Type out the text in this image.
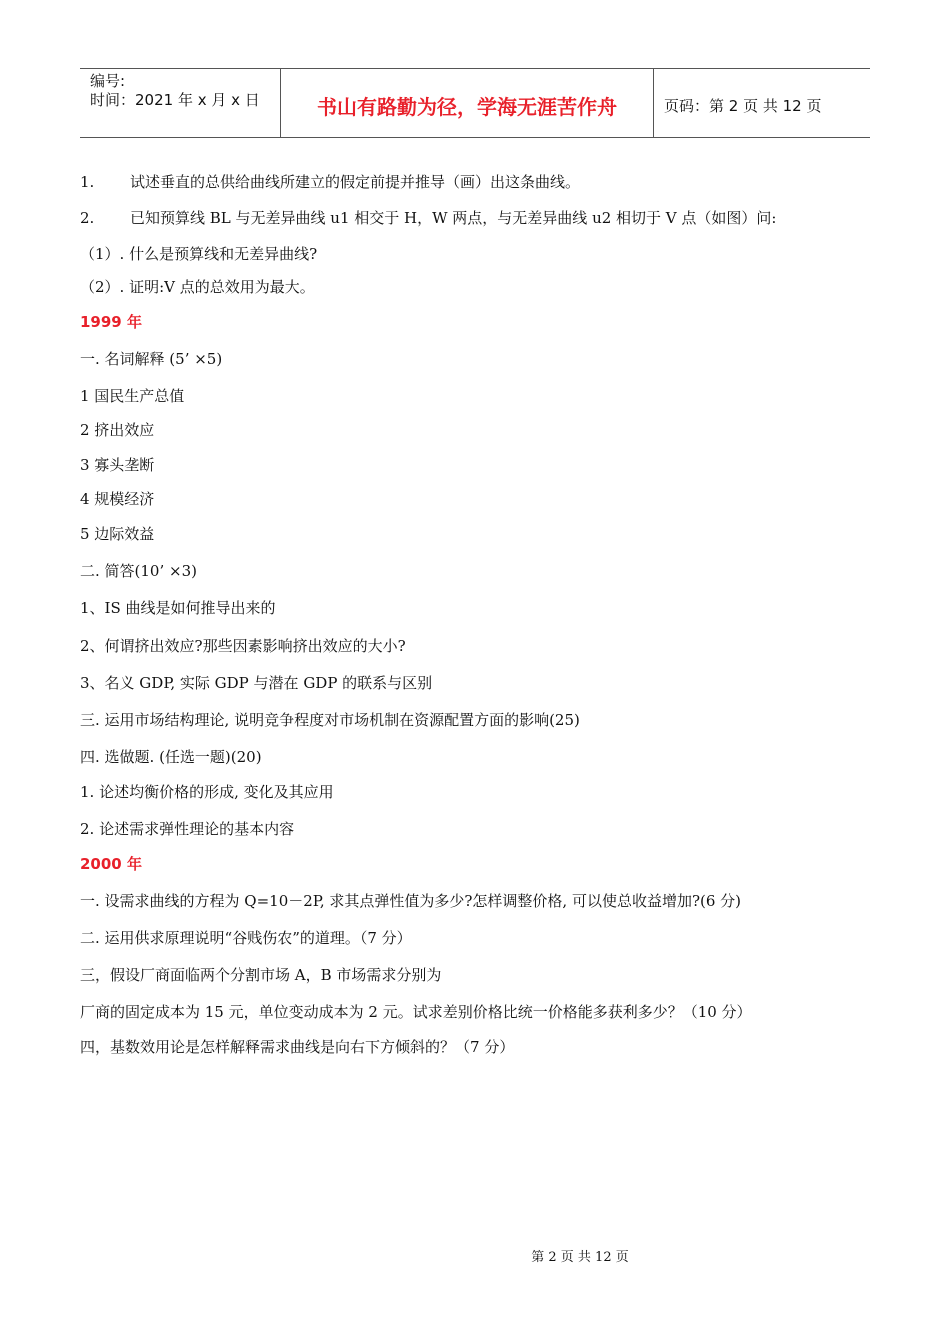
编号:
时间：2021 年 x 月 x 日	书山有路勤为径，学海无涯苦作舟	页码：第 2 页 共 12 页
1. 试述垂直的总供给曲线所建立的假定前提并推导（画）出这条曲线。
2. 已知预算线 BL 与无差异曲线 u1 相交于 H，W 两点，与无差异曲线 u2 相切于 V 点（如图）问:
（1）. 什么是预算线和无差异曲线?
（2）. 证明:V 点的总效用为最大。
1999 年
一. 名词解释 (5’ ×5)
1 国民生产总值
2 挤出效应
3 寡头垄断
4 规模经济
5 边际效益
二. 简答(10’ ×3)
1、IS 曲线是如何推导出来的
2、何谓挤出效应?那些因素影响挤出效应的大小?
3、名义 GDP, 实际 GDP 与潜在 GDP 的联系与区别
三. 运用市场结构理论, 说明竞争程度对市场机制在资源配置方面的影响(25)
四. 选做题. (任选一题)(20)
1. 论述均衡价格的形成, 变化及其应用
2. 论述需求弹性理论的基本内容
2000 年
一. 设需求曲线的方程为 Q=10－2P, 求其点弹性值为多少?怎样调整价格, 可以使总收益增加?(6 分)
二. 运用供求原理说明“谷贱伤农”的道理。（7 分）
三，假设厂商面临两个分割市场 A，B 市场需求分别为
厂商的固定成本为 15 元，单位变动成本为 2 元。试求差别价格比统一价格能多获利多少？（10 分）
四，基数效用论是怎样解释需求曲线是向右下方倾斜的？（7 分）
第 2 页 共 12 页
